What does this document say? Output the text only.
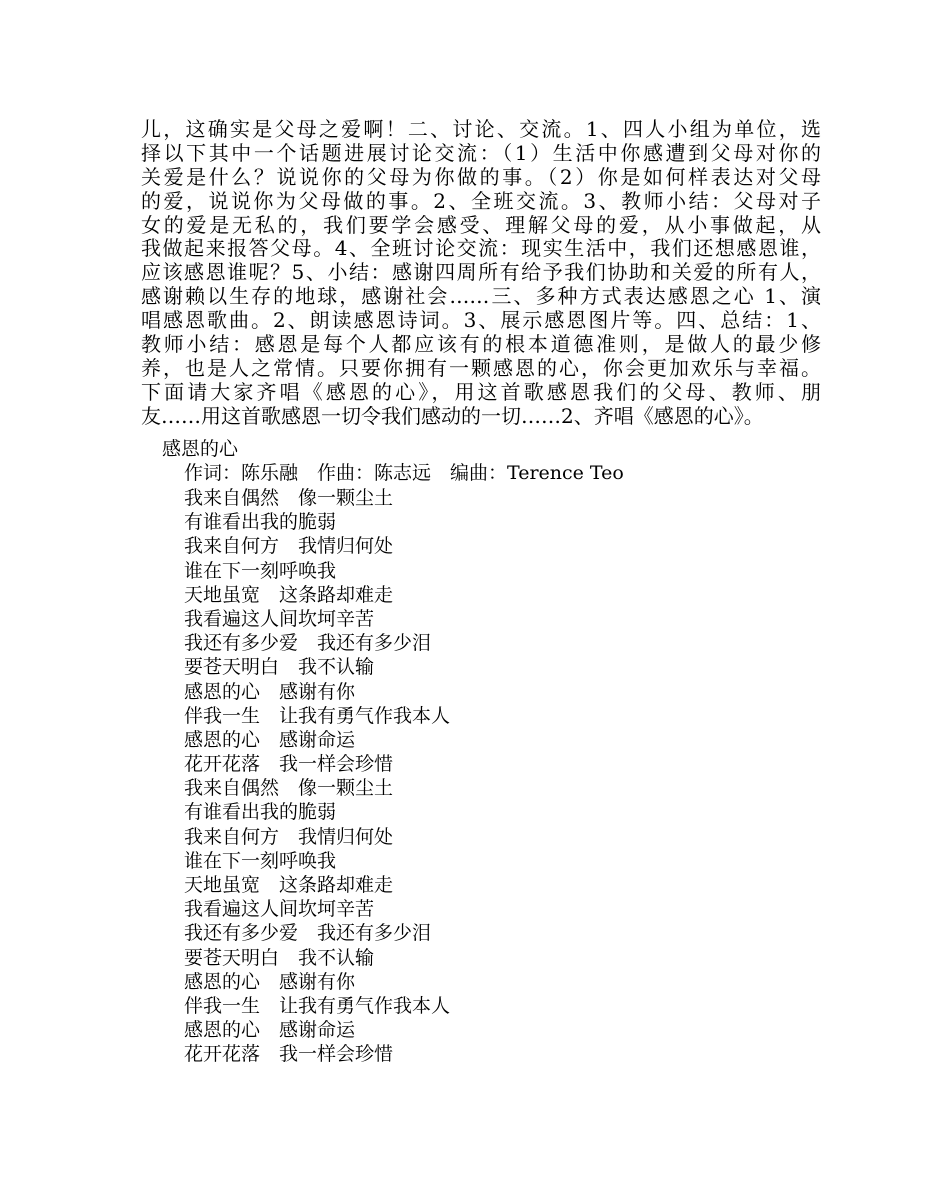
儿，这确实是父母之爱啊！二、讨论、交流。1、四人小组为单位，选
择以下其中一个话题进展讨论交流：（1）生活中你感遭到父母对你的
关爱是什么？说说你的父母为你做的事。（2）你是如何样表达对父母
的爱，说说你为父母做的事。2、全班交流。3、教师小结：父母对子
女的爱是无私的，我们要学会感受、理解父母的爱，从小事做起，从
我做起来报答父母。4、全班讨论交流：现实生活中，我们还想感恩谁，
应该感恩谁呢？5、小结：感谢四周所有给予我们协助和关爱的所有人，
感谢赖以生存的地球，感谢社会……三、多种方式表达感恩之心 1、演
唱感恩歌曲。2、朗读感恩诗词。3、展示感恩图片等。四、总结：1、
教师小结：感恩是每个人都应该有的根本道德准则，是做人的最少修
养，也是人之常情。只要你拥有一颗感恩的心，你会更加欢乐与幸福。
下面请大家齐唱《感恩的心》，用这首歌感恩我们的父母、教师、朋
友……用这首歌感恩一切令我们感动的一切……2、齐唱《感恩的心》。
感恩的心
作词：陈乐融　作曲：陈志远　编曲：Terence Teo
我来自偶然　像一颗尘土
有谁看出我的脆弱
我来自何方　我情归何处
谁在下一刻呼唤我
天地虽宽　这条路却难走
我看遍这人间坎坷辛苦
我还有多少爱　我还有多少泪
要苍天明白　我不认输
感恩的心　感谢有你
伴我一生　让我有勇气作我本人
感恩的心　感谢命运
花开花落　我一样会珍惜
我来自偶然　像一颗尘土
有谁看出我的脆弱
我来自何方　我情归何处
谁在下一刻呼唤我
天地虽宽　这条路却难走
我看遍这人间坎坷辛苦
我还有多少爱　我还有多少泪
要苍天明白　我不认输
感恩的心　感谢有你
伴我一生　让我有勇气作我本人
感恩的心　感谢命运
花开花落　我一样会珍惜
